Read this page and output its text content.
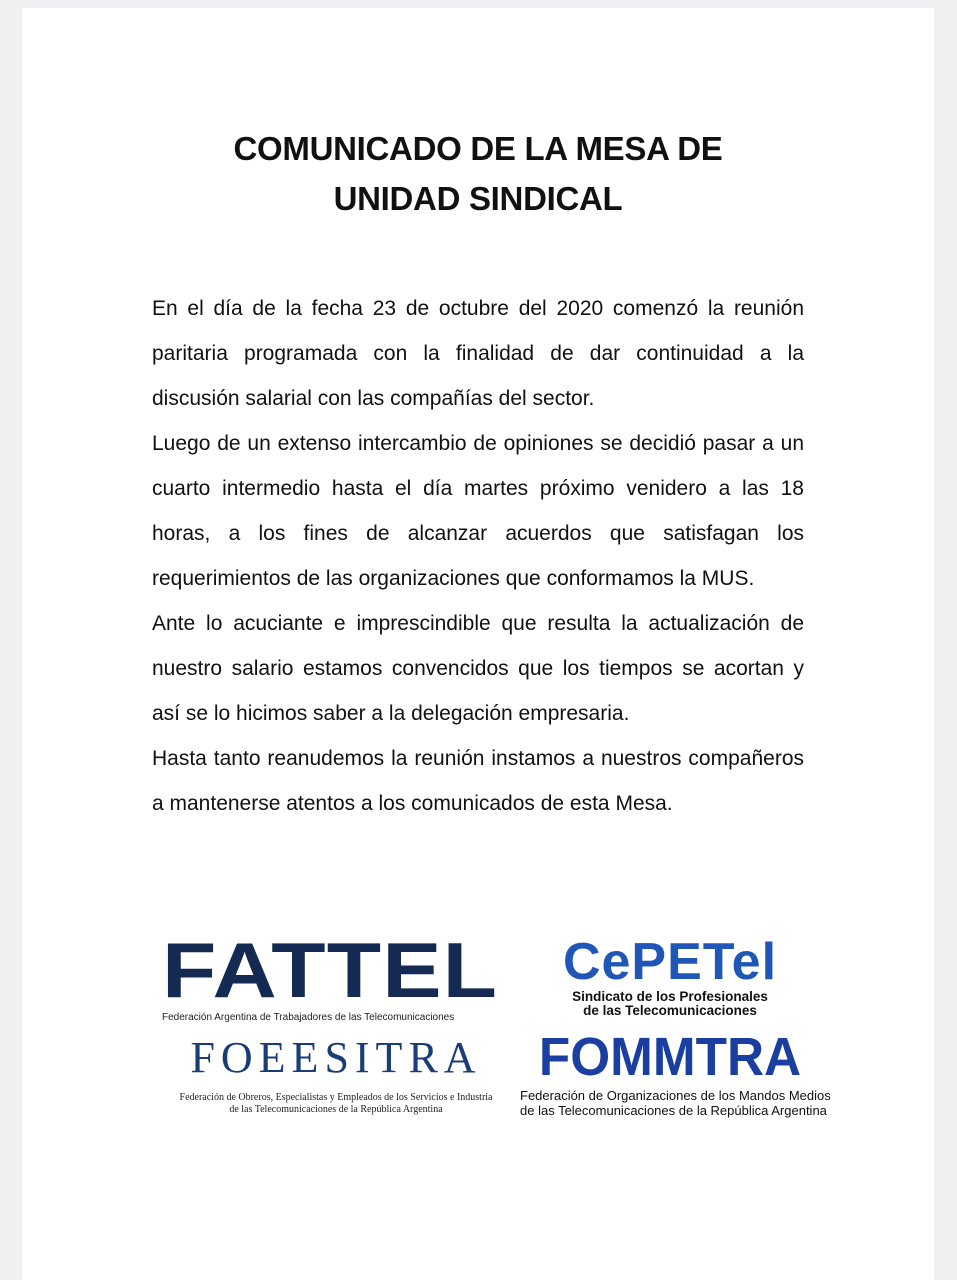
COMUNICADO DE LA MESA DE
UNIDAD SINDICAL

En el día de la fecha 23 de octubre del 2020 comenzó la reunión paritaria programada con la finalidad de dar continuidad a la discusión salarial con las compañías del sector.

Luego de un extenso intercambio de opiniones se decidió pasar a un cuarto intermedio hasta el día martes próximo venidero a las 18 horas, a los fines de alcanzar acuerdos que satisfagan los requerimientos de las organizaciones que conformamos la MUS.

Ante lo acuciante e imprescindible que resulta la actualización de nuestro salario estamos convencidos que los tiempos se acortan y así se lo hicimos saber a la delegación empresaria.

Hasta tanto reanudemos la reunión instamos a nuestros compañeros a mantenerse atentos a los comunicados de esta Mesa.

FATTEL
Federación Argentina de Trabajadores de las Telecomunicaciones
CePETel
Sindicato de los Profesionales
de las Telecomunicaciones
FOEESITRA
Federación de Obreros, Especialistas y Empleados de los Servicios e Industria
de las Telecomunicaciones de la República Argentina
FOMMTRA
Federación de Organizaciones de los Mandos Medios
de las Telecomunicaciones de la República Argentina
